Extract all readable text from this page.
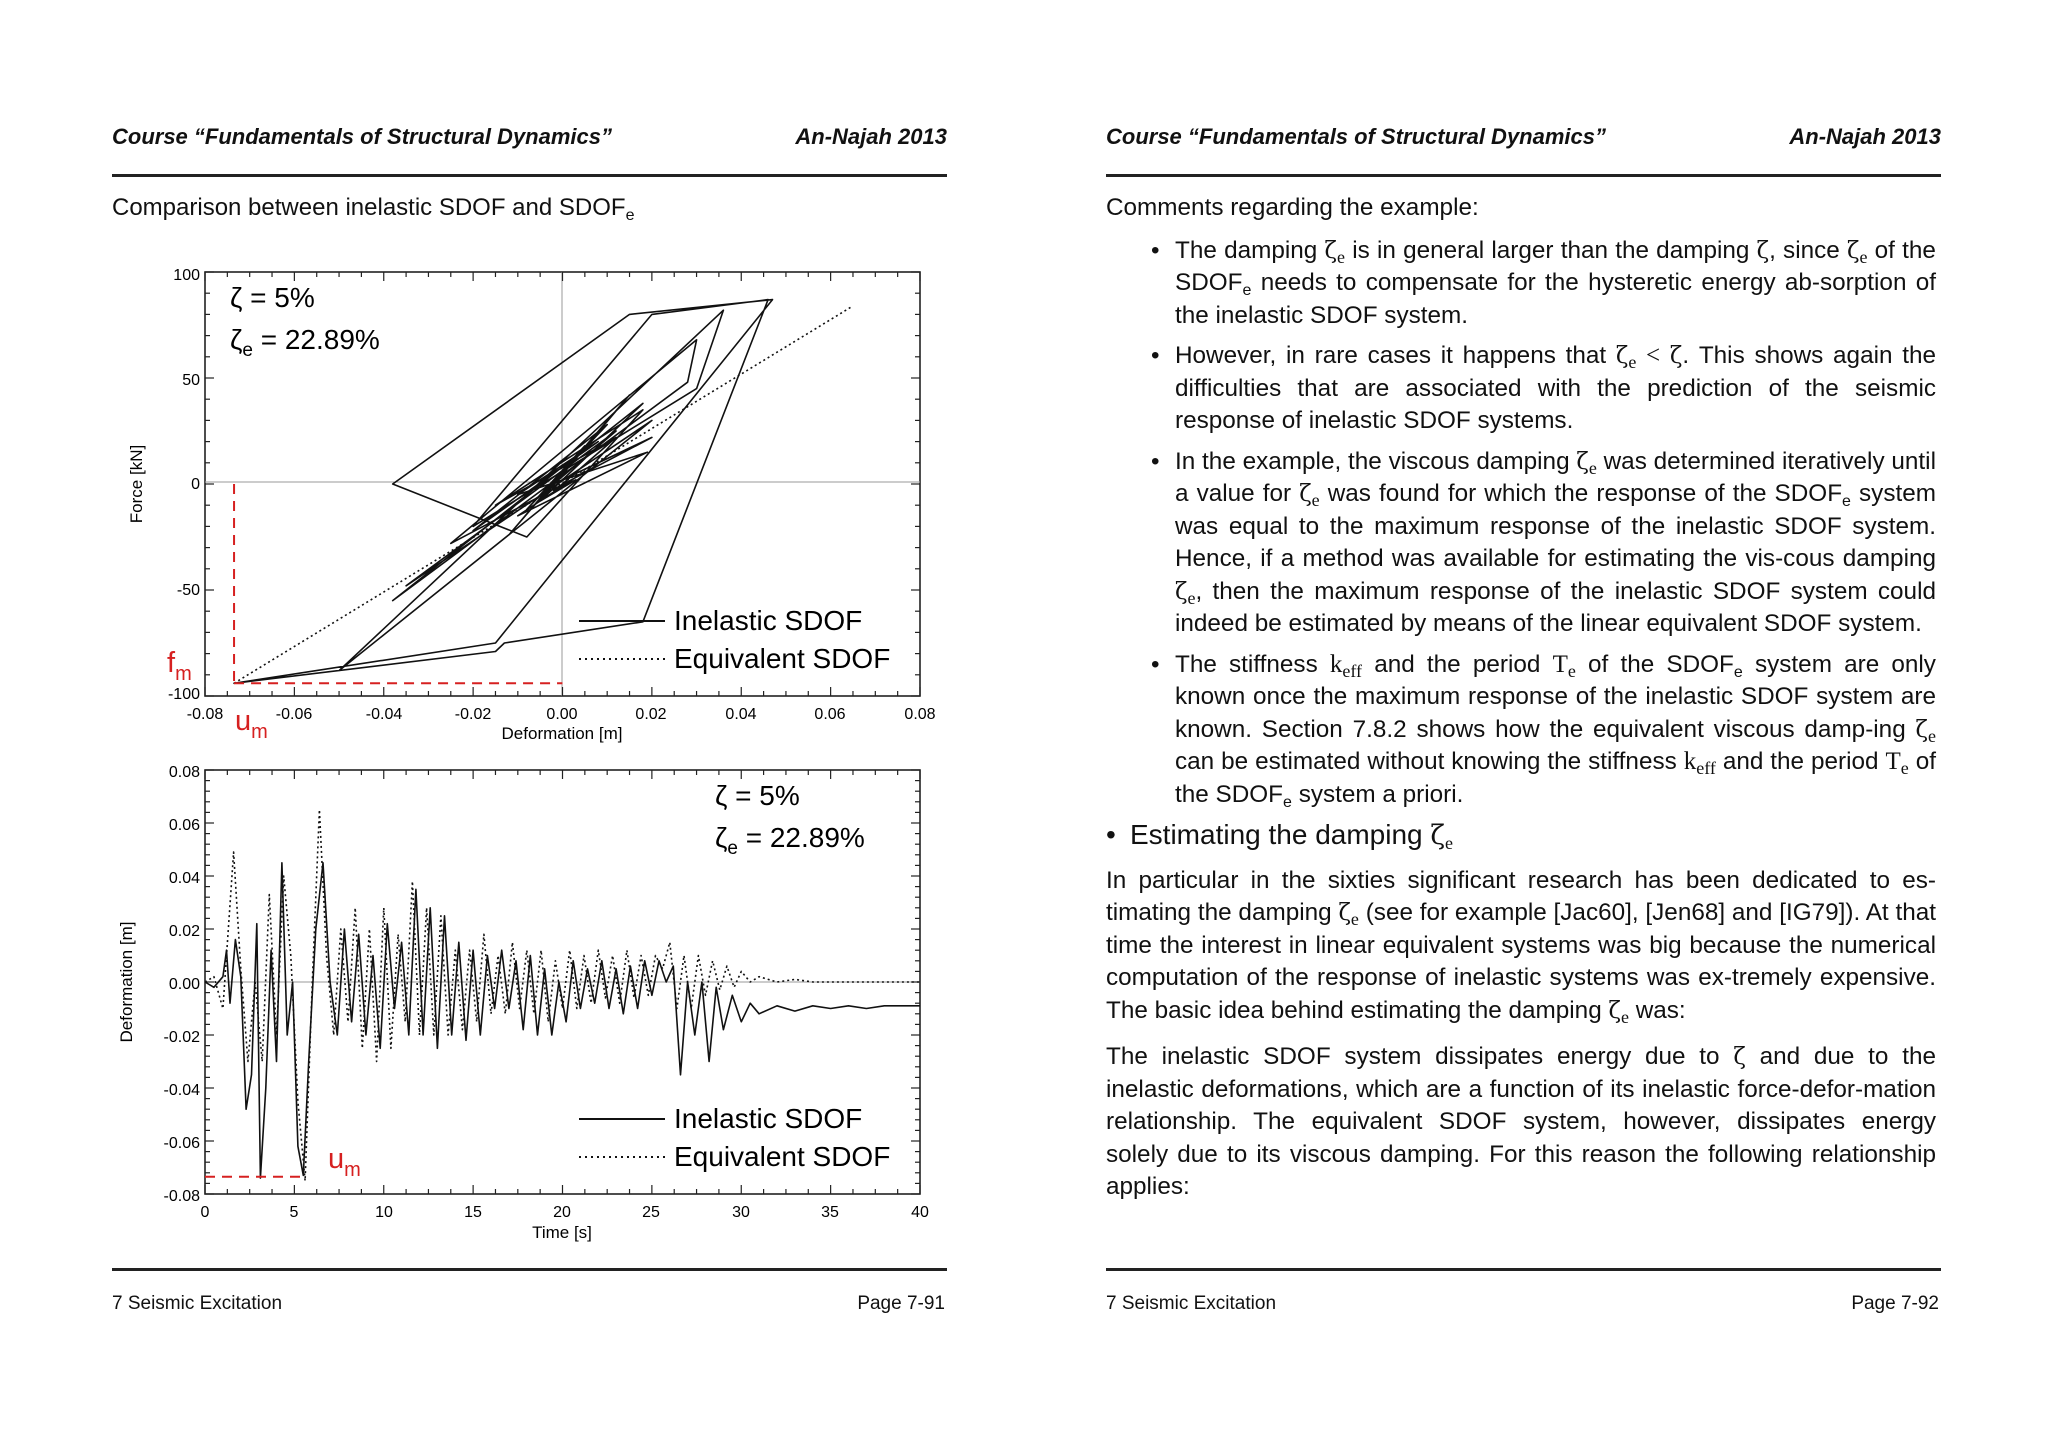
Course “Fundamentals of Structural Dynamics”	An-Najah 2013
Comparison between inelastic SDOF and $SDOF_e$
100
50
0
-50
-100
-0.08	-0.06	-0.04	-0.02	0.00	0.02	0.04	0.06	0.08
Deformation [m]
Force [kN]
ζ = 5%
$\zeta_e = 22.89\%$
Inelastic SDOF
Equivalent SDOF
$f_m$
$u_m$
0.08
0.06
0.04
0.02
0.00
-0.02
-0.04
-0.06
-0.08
0	5	10	15	20	25	30	35	40
Time [s]
Deformation [m]
ζ = 5%
$\zeta_e = 22.89\%$
Inelastic SDOF
Equivalent SDOF
$u_m$
7 Seismic Excitation	Page 7-91
Course “Fundamentals of Structural Dynamics”	An-Najah 2013
Comments regarding the example:
• The damping $\zeta_e$ is in general larger than the damping ζ, since $\zeta_e$ of the $SDOF_e$ needs to compensate for the hysteretic energy ab-sorption of the inelastic SDOF system.
• However, in rare cases it happens that $\zeta_e < \zeta$. This shows again the difficulties that are associated with the prediction of the seismic response of inelastic SDOF systems.
• In the example, the viscous damping $\zeta_e$ was determined iteratively until a value for $\zeta_e$ was found for which the response of the $SDOF_e$ system was equal to the maximum response of the inelastic SDOF system. Hence, if a method was available for estimating the vis-cous damping $\zeta_e$, then the maximum response of the inelastic SDOF system could indeed be estimated by means of the linear equivalent SDOF system.
• The stiffness $k_{eff}$ and the period $T_e$ of the $SDOF_e$ system are only known once the maximum response of the inelastic SDOF system are known. Section 7.8.2 shows how the equivalent viscous damp-ing $\zeta_e$ can be estimated without knowing the stiffness $k_{eff}$ and the period $T_e$ of the $SDOF_e$ system a priori.
• Estimating the damping $\zeta_e$
In particular in the sixties significant research has been dedicated to es-timating the damping $\zeta_e$ (see for example [Jac60], [Jen68] and [IG79]). At that time the interest in linear equivalent systems was big because the numerical computation of the response of inelastic systems was ex-tremely expensive. The basic idea behind estimating the damping $\zeta_e$ was:
The inelastic SDOF system dissipates energy due to ζ and due to the inelastic deformations, which are a function of its inelastic force-defor-mation relationship. The equivalent SDOF system, however, dissipates energy solely due to its viscous damping. For this reason the following relationship applies:
7 Seismic Excitation	Page 7-92
